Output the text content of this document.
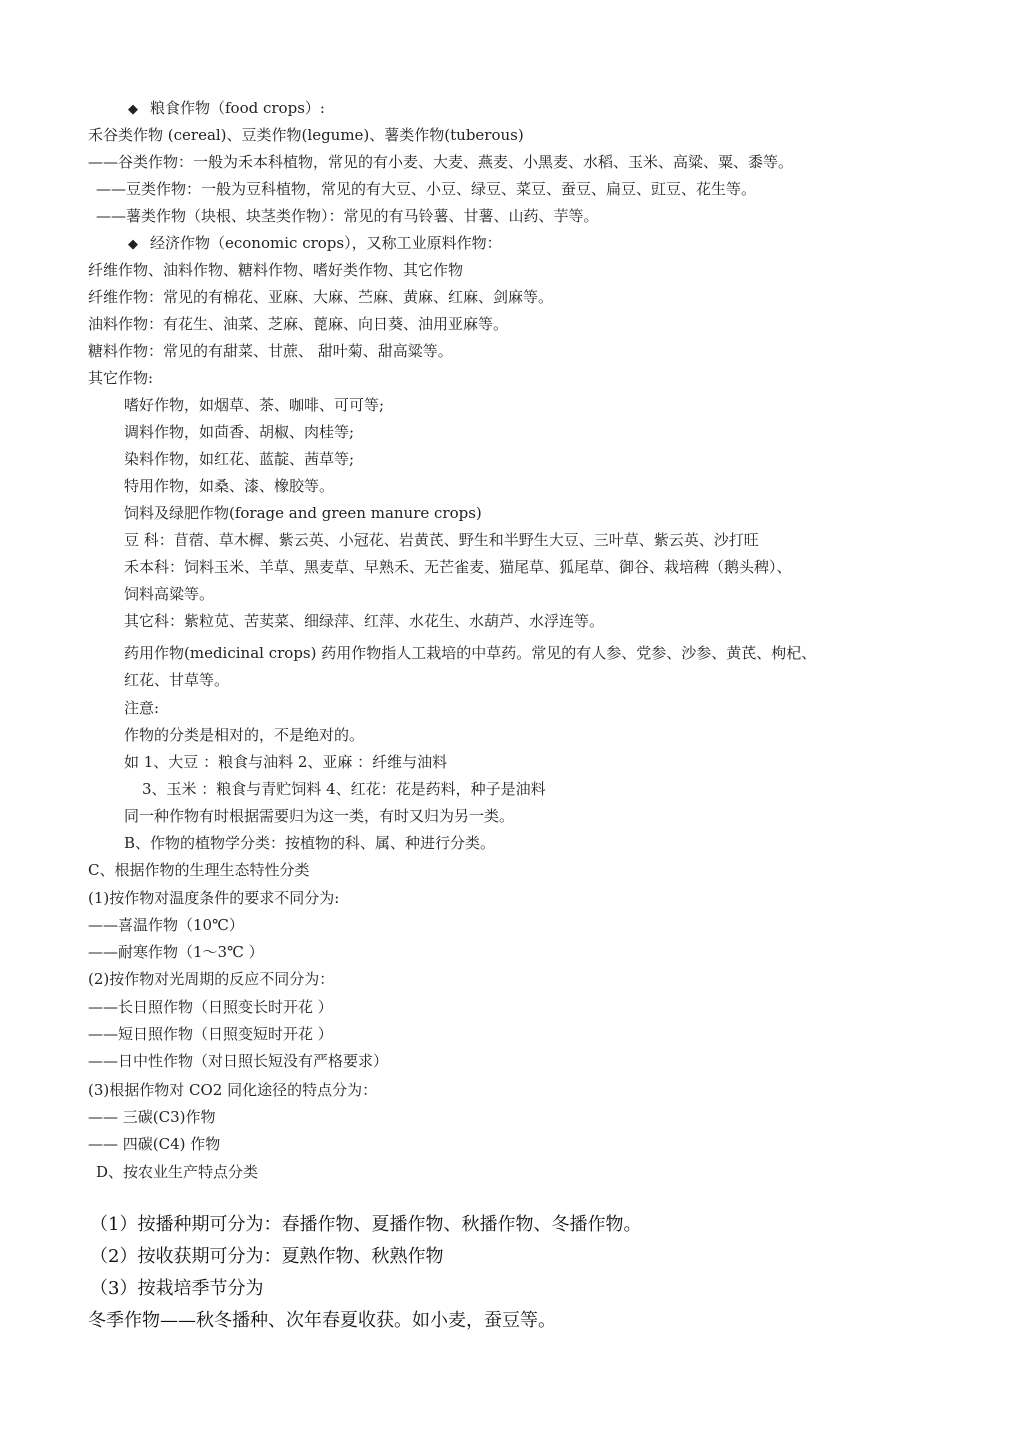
◆ 粮食作物（food crops）:
禾谷类作物 (cereal)、豆类作物(legume)、薯类作物(tuberous)
——谷类作物：一般为禾本科植物，常见的有小麦、大麦、燕麦、小黑麦、水稻、玉米、高粱、粟、黍等。
——豆类作物：一般为豆科植物，常见的有大豆、小豆、绿豆、菜豆、蚕豆、扁豆、豇豆、花生等。
——薯类作物（块根、块茎类作物）：常见的有马铃薯、甘薯、山药、芋等。
◆ 经济作物（economic crops），又称工业原料作物：
纤维作物、油料作物、糖料作物、嗜好类作物、其它作物
纤维作物：常见的有棉花、亚麻、大麻、苎麻、黄麻、红麻、剑麻等。
油料作物：有花生、油菜、芝麻、蓖麻、向日葵、油用亚麻等。
糖料作物：常见的有甜菜、甘蔗、 甜叶菊、甜高粱等。
其它作物:
嗜好作物，如烟草、茶、咖啡、可可等;
调料作物，如茴香、胡椒、肉桂等;
染料作物，如红花、蓝靛、茜草等;
特用作物，如桑、漆、橡胶等。
饲料及绿肥作物(forage and green manure crops)
豆 科：苜蓿、草木樨、紫云英、小冠花、岩黄芪、野生和半野生大豆、三叶草、紫云英、沙打旺
禾本科：饲料玉米、羊草、黑麦草、早熟禾、无芒雀麦、猫尾草、狐尾草、御谷、栽培稗（鹅头稗）、
饲料高粱等。
其它科：紫粒苋、苦荬菜、细绿萍、红萍、水花生、水葫芦、水浮连等。
药用作物(medicinal crops) 药用作物指人工栽培的中草药。常见的有人参、党参、沙参、黄芪、枸杞、
红花、甘草等。
注意:
作物的分类是相对的，不是绝对的。
如 1、大豆 ：粮食与油料 2、亚麻 ：纤维与油料
3、玉米 ：粮食与青贮饲料 4、红花：花是药料，种子是油料
同一种作物有时根据需要归为这一类，有时又归为另一类。
B、作物的植物学分类：按植物的科、属、种进行分类。
C、根据作物的生理生态特性分类
(1)按作物对温度条件的要求不同分为:
——喜温作物（10℃）
——耐寒作物（1～3℃ ）
(2)按作物对光周期的反应不同分为：
——长日照作物（日照变长时开花 ）
——短日照作物（日照变短时开花 ）
——日中性作物（对日照长短没有严格要求）
(3)根据作物对 CO2 同化途径的特点分为：
—— 三碳(C3)作物
—— 四碳(C4) 作物
D、按农业生产特点分类
（1）按播种期可分为：春播作物、夏播作物、秋播作物、冬播作物。
（2）按收获期可分为：夏熟作物、秋熟作物
（3）按栽培季节分为
冬季作物——秋冬播种、次年春夏收获。如小麦，蚕豆等。
